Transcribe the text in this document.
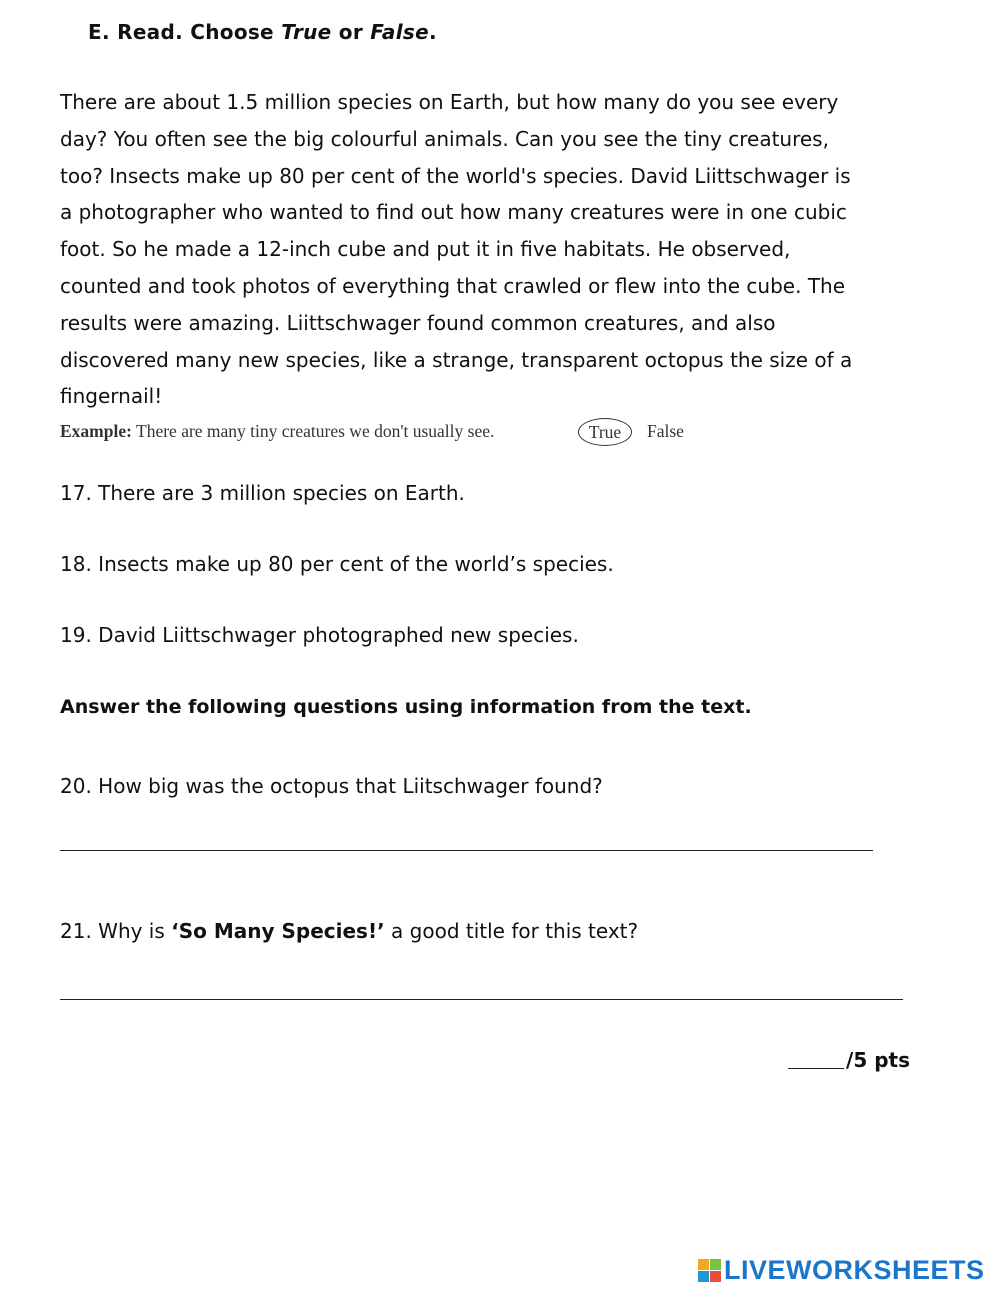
E. Read. Choose True or False.

There are about 1.5 million species on Earth, but how many do you see every
day? You often see the big colourful animals. Can you see the tiny creatures,
too? Insects make up 80 per cent of the world's species. David Liittschwager is
a photographer who wanted to find out how many creatures were in one cubic
foot. So he made a 12-inch cube and put it in five habitats. He observed,
counted and took photos of everything that crawled or flew into the cube. The
results were amazing. Liittschwager found common creatures, and also
discovered many new species, like a strange, transparent octopus the size of a
fingernail!

Example: There are many tiny creatures we don't usually see.	True	False
17. There are 3 million species on Earth.
18. Insects make up 80 per cent of the world’s species.
19. David Liittschwager photographed new species.
Answer the following questions using information from the text.
20. How big was the octopus that Liitschwager found?
21. Why is ‘So Many Species!’ a good title for this text?
/5 pts
LIVEWORKSHEETS
